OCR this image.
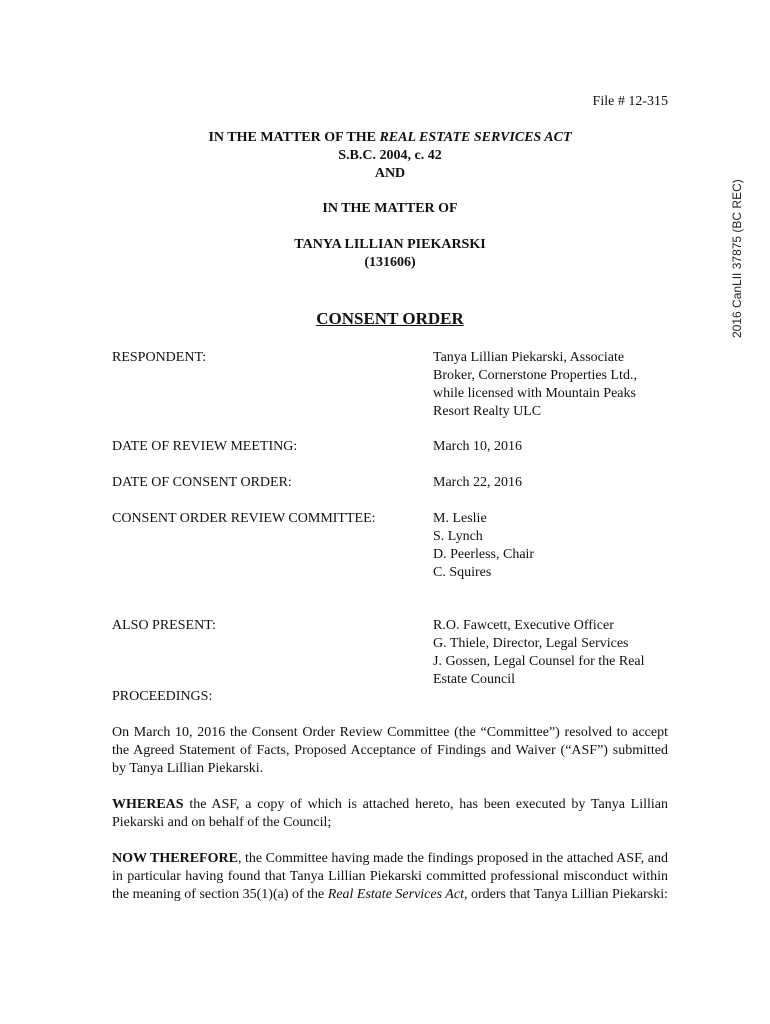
File # 12-315
2016 CanLII 37875 (BC REC)
IN THE MATTER OF THE REAL ESTATE SERVICES ACT
S.B.C. 2004, c. 42
AND
IN THE MATTER OF
TANYA LILLIAN PIEKARSKI
(131606)
CONSENT ORDER
RESPONDENT:	Tanya Lillian Piekarski, Associate Broker, Cornerstone Properties Ltd., while licensed with Mountain Peaks Resort Realty ULC
DATE OF REVIEW MEETING:	March 10, 2016
DATE OF CONSENT ORDER:	March 22, 2016
CONSENT ORDER REVIEW COMMITTEE:	M. Leslie
S. Lynch
D. Peerless, Chair
C. Squires
ALSO PRESENT:	R.O. Fawcett, Executive Officer
G. Thiele, Director, Legal Services
J. Gossen, Legal Counsel for the Real Estate Council
PROCEEDINGS:

On March 10, 2016 the Consent Order Review Committee (the “Committee”) resolved to accept the Agreed Statement of Facts, Proposed Acceptance of Findings and Waiver (“ASF”) submitted by Tanya Lillian Piekarski.

WHEREAS the ASF, a copy of which is attached hereto, has been executed by Tanya Lillian Piekarski and on behalf of the Council;

NOW THEREFORE, the Committee having made the findings proposed in the attached ASF, and in particular having found that Tanya Lillian Piekarski committed professional misconduct within the meaning of section 35(1)(a) of the Real Estate Services Act, orders that Tanya Lillian Piekarski:
